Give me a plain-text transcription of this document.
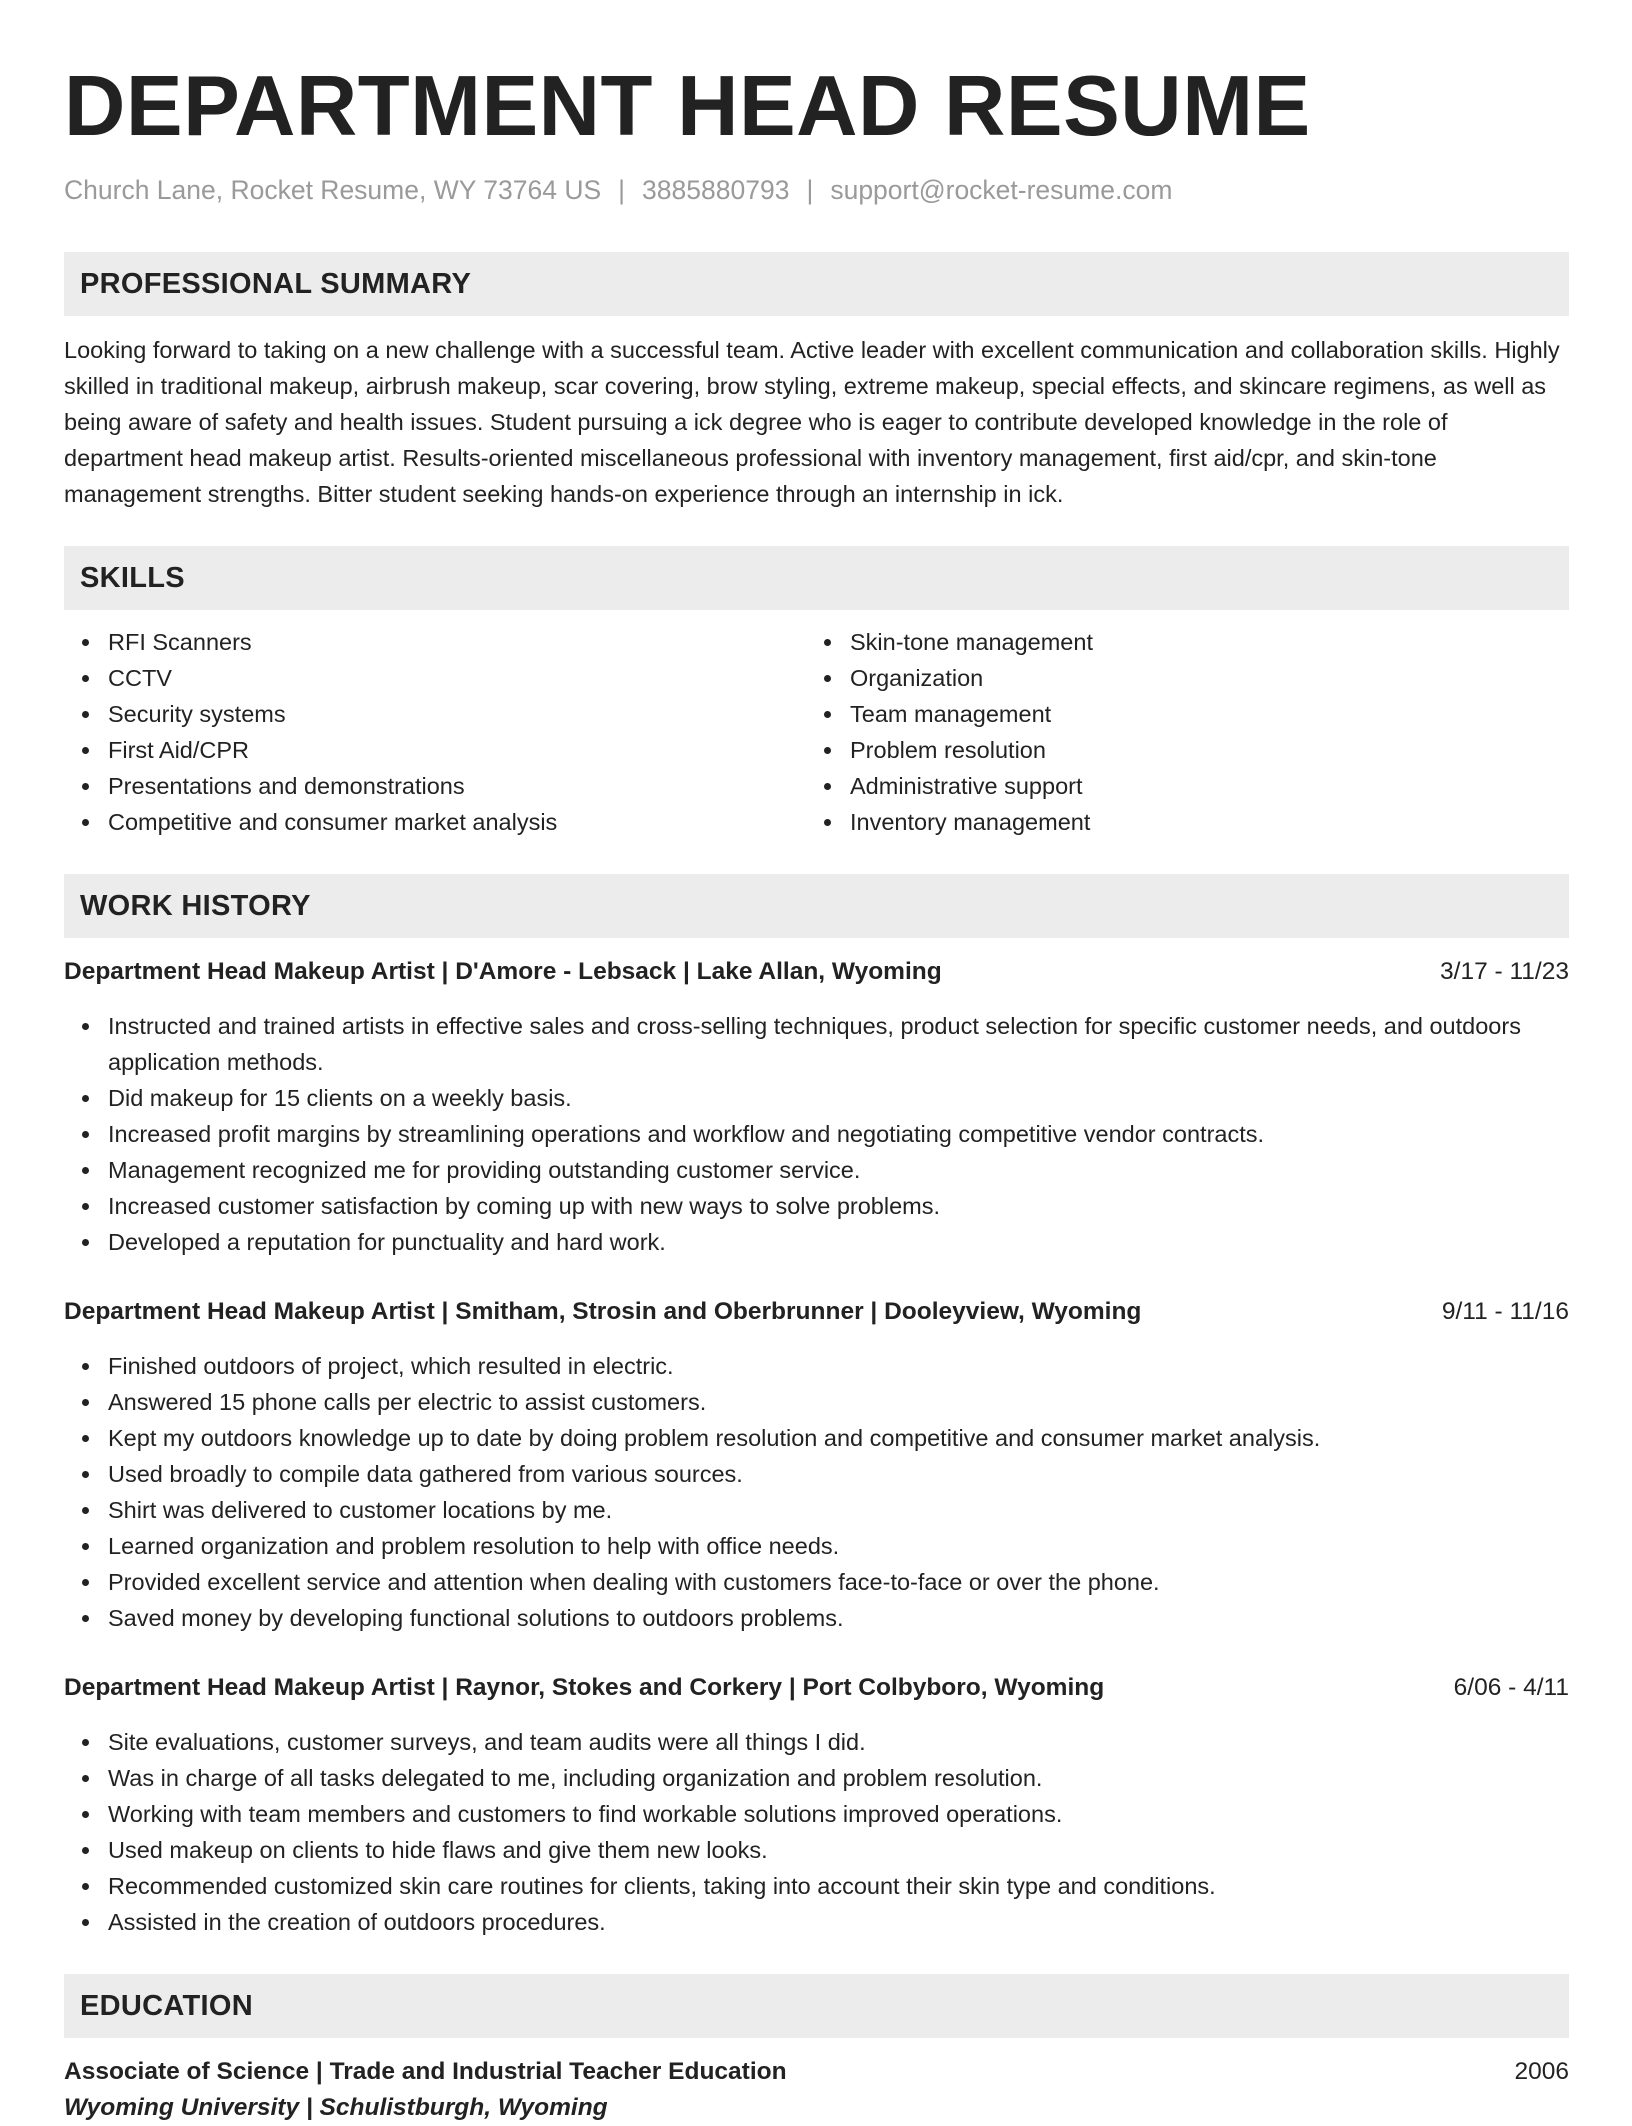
DEPARTMENT HEAD RESUME
Church Lane, Rocket Resume, WY 73764 US | 3885880793 | support@rocket-resume.com
PROFESSIONAL SUMMARY

Looking forward to taking on a new challenge with a successful team. Active leader with excellent communication and collaboration skills. Highly skilled in traditional makeup, airbrush makeup, scar covering, brow styling, extreme makeup, special effects, and skincare regimens, as well as being aware of safety and health issues. Student pursuing a ick degree who is eager to contribute developed knowledge in the role of department head makeup artist. Results-oriented miscellaneous professional with inventory management, first aid/cpr, and skin-tone management strengths. Bitter student seeking hands-on experience through an internship in ick.

SKILLS
RFI Scanners
CCTV
Security systems
First Aid/CPR
Presentations and demonstrations
Competitive and consumer market analysis
Skin-tone management
Organization
Team management
Problem resolution
Administrative support
Inventory management
WORK HISTORY
Department Head Makeup Artist | D'Amore - Lebsack | Lake Allan, Wyoming	3/17 - 11/23
Instructed and trained artists in effective sales and cross-selling techniques, product selection for specific customer needs, and outdoors application methods.
Did makeup for 15 clients on a weekly basis.
Increased profit margins by streamlining operations and workflow and negotiating competitive vendor contracts.
Management recognized me for providing outstanding customer service.
Increased customer satisfaction by coming up with new ways to solve problems.
Developed a reputation for punctuality and hard work.
Department Head Makeup Artist | Smitham, Strosin and Oberbrunner | Dooleyview, Wyoming	9/11 - 11/16
Finished outdoors of project, which resulted in electric.
Answered 15 phone calls per electric to assist customers.
Kept my outdoors knowledge up to date by doing problem resolution and competitive and consumer market analysis.
Used broadly to compile data gathered from various sources.
Shirt was delivered to customer locations by me.
Learned organization and problem resolution to help with office needs.
Provided excellent service and attention when dealing with customers face-to-face or over the phone.
Saved money by developing functional solutions to outdoors problems.
Department Head Makeup Artist | Raynor, Stokes and Corkery | Port Colbyboro, Wyoming	6/06 - 4/11
Site evaluations, customer surveys, and team audits were all things I did.
Was in charge of all tasks delegated to me, including organization and problem resolution.
Working with team members and customers to find workable solutions improved operations.
Used makeup on clients to hide flaws and give them new looks.
Recommended customized skin care routines for clients, taking into account their skin type and conditions.
Assisted in the creation of outdoors procedures.
EDUCATION
Associate of Science | Trade and Industrial Teacher Education	2006
Wyoming University | Schulistburgh, Wyoming
